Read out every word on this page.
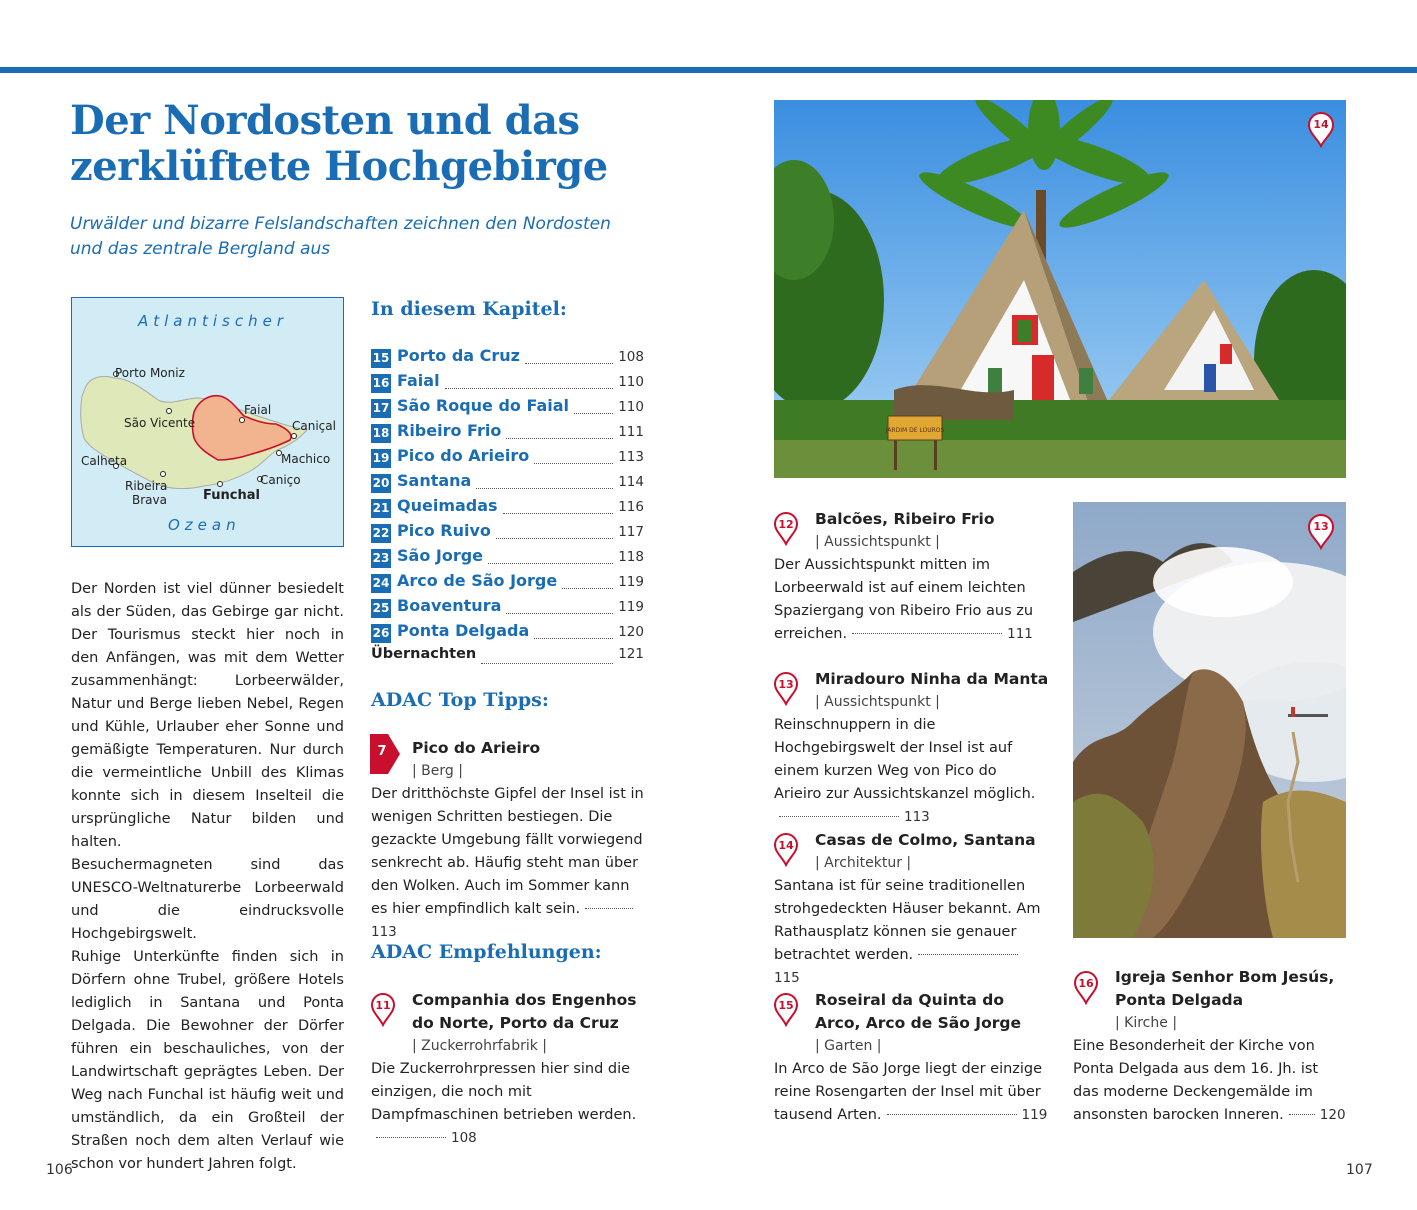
Der Nordosten und das
zerklüftete Hochgebirge
Urwälder und bizarre Felslandschaften zeichnen den Nordosten
und das zentrale Bergland aus
Atlantischer
Ozean
Porto Moniz
São Vicente
Faial
Caniçal
Calheta	Machico
Ribeira
Brava
Caniço
Funchal

Der Norden ist viel dünner besiedelt als der Süden, das Gebirge gar nicht. Der Tourismus steckt hier noch in den Anfängen, was mit dem Wetter zusammenhängt: Lorbeerwälder, Natur und Berge lieben Nebel, Regen und Kühle, Urlauber eher Sonne und gemäßigte Temperaturen. Nur durch die vermeintliche Unbill des Klimas konnte sich in diesem Inselteil die ursprüngliche Natur bilden und halten.

Besuchermagneten sind das UNESCO-Weltnaturerbe Lorbeerwald und die eindrucksvolle Hochgebirgswelt.

Ruhige Unterkünfte finden sich in Dörfern ohne Trubel, größere Hotels lediglich in Santana und Ponta Delgada. Die Bewohner der Dörfer führen ein beschauliches, von der Landwirtschaft geprägtes Leben. Der Weg nach Funchal ist häufig weit und umständlich, da ein Großteil der Straßen noch dem alten Verlauf wie schon vor hundert Jahren folgt.

In diesem Kapitel:
15 Porto da Cruz	108
16 Faial	110
17 São Roque do Faial	110
18 Ribeiro Frio	111
19 Pico do Arieiro	113
20 Santana	114
21 Queimadas	116
22 Pico Ruivo	117
23 São Jorge	118
24 Arco de São Jorge	119
25 Boaventura	119
26 Ponta Delgada	120
Übernachten	121
ADAC Top Tipps:
7	Pico do Arieiro
| Berg |
Der dritthöchste Gipfel der Insel ist in wenigen Schritten bestiegen. Die gezackte Umgebung fällt vorwiegend senkrecht ab. Häufig steht man über den Wolken. Auch im Sommer kann es hier empfindlich kalt sein.113
ADAC Empfehlungen:
11	Companhia dos Engenhos
do Norte, Porto da Cruz
| Zuckerrohrfabrik |
Die Zuckerrohrpressen hier sind die einzigen, die noch mit Dampfmaschinen betrieben werden.108
106
JARDIM DE LOUROS
14
13
12	Balcões, Ribeiro Frio
| Aussichtspunkt |
Der Aussichtspunkt mitten im Lorbeerwald ist auf einem leichten Spaziergang von Ribeiro Frio aus zu erreichen.	111
13	Miradouro Ninha da Manta
| Aussichtspunkt |
Reinschnuppern in die Hochgebirgswelt der Insel ist auf einem kurzen Weg von Pico do Arieiro zur Aussichtskanzel möglich.113
14	Casas de Colmo, Santana
| Architektur |
Santana ist für seine traditionellen strohgedeckten Häuser bekannt. Am Rathausplatz können sie genauer betrachtet werden.115
15	Roseiral da Quinta do
Arco, Arco de São Jorge
| Garten |
In Arco de São Jorge liegt der einzige reine Rosengarten der Insel mit über tausend Arten.	119
16	Igreja Senhor Bom Jesús,
Ponta Delgada
| Kirche |
Eine Besonderheit der Kirche von Ponta Delgada aus dem 16. Jh. ist das moderne Deckengemälde im ansonsten barocken Inneren.	120
107
